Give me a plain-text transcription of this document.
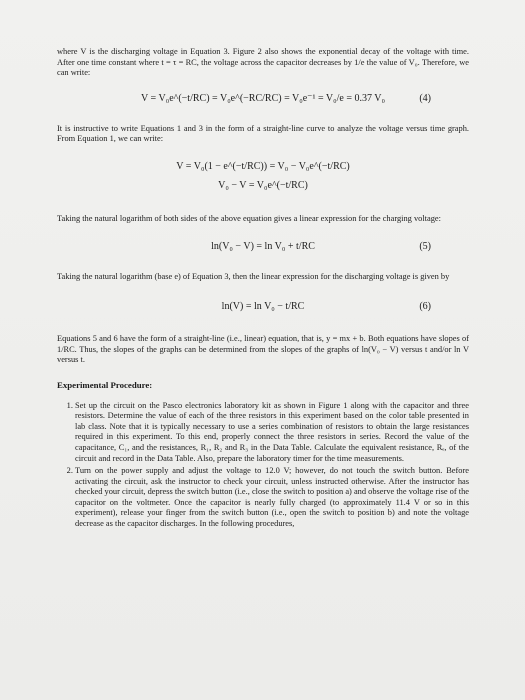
where V is the discharging voltage in Equation 3. Figure 2 also shows the exponential decay of the voltage with time. After one time constant where t = τ = RC, the voltage across the capacitor decreases by 1/e the value of V₀. Therefore, we can write:

V = V₀e^(−t/RC) = V₀e^(−RC/RC) = V₀e⁻¹ = V₀/e = 0.37 V₀	(4)

It is instructive to write Equations 1 and 3 in the form of a straight-line curve to analyze the voltage versus time graph. From Equation 1, we can write:

V = V₀(1 − e^(−t/RC)) = V₀ − V₀e^(−t/RC)
V₀ − V = V₀e^(−t/RC)

Taking the natural logarithm of both sides of the above equation gives a linear expression for the charging voltage:

ln(V₀ − V) = ln V₀ + t/RC	(5)

Taking the natural logarithm (base e) of Equation 3, then the linear expression for the discharging voltage is given by

ln(V) = ln V₀ − t/RC	(6)

Equations 5 and 6 have the form of a straight-line (i.e., linear) equation, that is, y = mx + b. Both equations have slopes of 1/RC. Thus, the slopes of the graphs can be determined from the slopes of the graphs of ln(V₀ − V) versus t and/or ln V versus t.

Experimental Procedure:

1. Set up the circuit on the Pasco electronics laboratory kit as shown in Figure 1 along with the capacitor and three resistors. Determine the value of each of the three resistors in this experiment based on the color table presented in lab class. Note that it is typically necessary to use a series combination of resistors to obtain the large resistances required in this experiment. To this end, properly connect the three resistors in series. Record the value of the capacitance, C₁, and the resistances, R₁, R₂ and R₃ in the Data Table. Calculate the equivalent resistance, Rₑ, of the circuit and record in the Data Table. Also, prepare the laboratory timer for the time measurements.
2. Turn on the power supply and adjust the voltage to 12.0 V; however, do not touch the switch button. Before activating the circuit, ask the instructor to check your circuit, unless instructed otherwise. After the instructor has checked your circuit, depress the switch button (i.e., close the switch to position a) and observe the voltage rise of the capacitor on the voltmeter. Once the capacitor is nearly fully charged (to approximately 11.4 V or so in this experiment), release your finger from the switch button (i.e., open the switch to position b) and note the voltage decrease as the capacitor discharges. In the following procedures,
